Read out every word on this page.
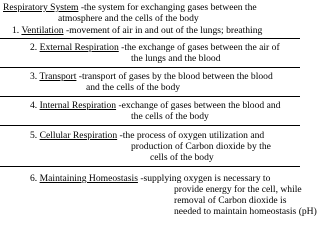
Respiratory System -the system for exchanging gases between the
atmosphere and the cells of the body
1. Ventilation -movement of air in and out of the lungs; breathing
2. External Respiration -the exchange of gases between the air of
the lungs and the blood
3. Transport -transport of gases by the blood between the blood
and the cells of the body
4. Internal Respiration -exchange of gases between the blood and
the cells of the body
5. Cellular Respiration -the process of oxygen utilization and
production of Carbon dioxide by the
cells of the body
6. Maintaining Homeostasis -supplying oxygen is necessary to
provide energy for the cell, while
removal of Carbon dioxide is
needed to maintain homeostasis (pH)
